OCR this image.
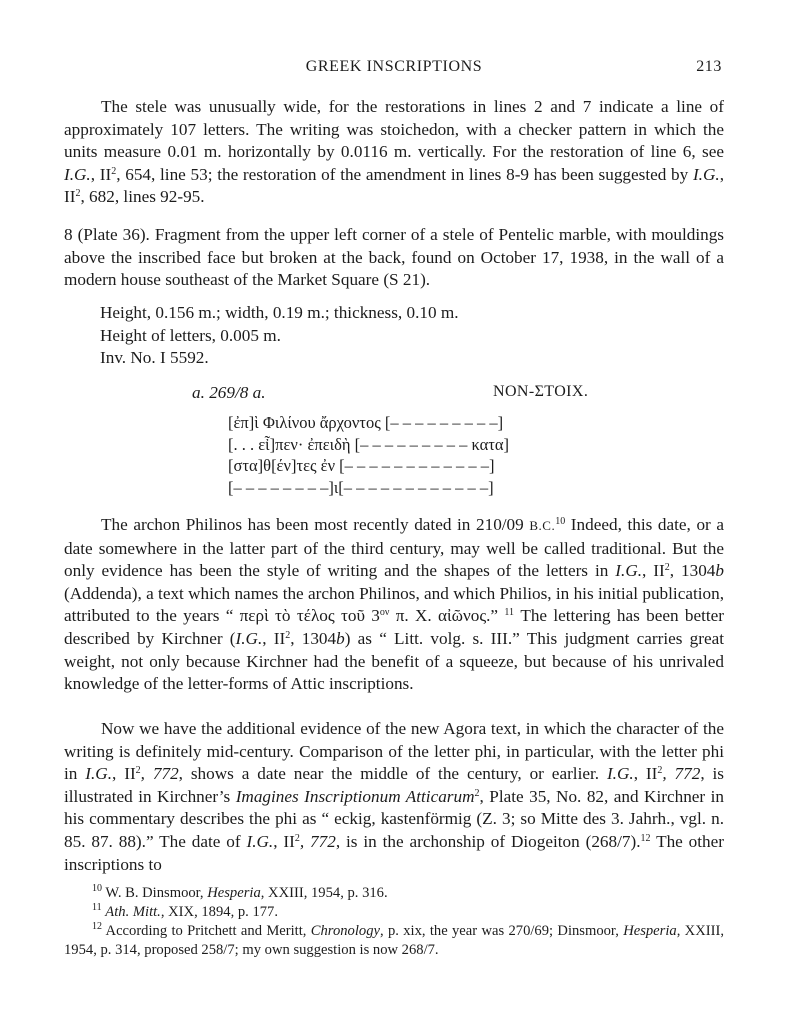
GREEK INSCRIPTIONS	213

The stele was unusually wide, for the restorations in lines 2 and 7 indicate a line of approximately 107 letters. The writing was stoichedon, with a checker pattern in which the units measure 0.01 m. horizontally by 0.0116 m. vertically. For the restoration of line 6, see I.G., $II^2$, 654, line 53; the restoration of the amendment in lines 8-9 has been suggested by I.G., $II^2$, 682, lines 92-95.

8 (Plate 36). Fragment from the upper left corner of a stele of Pentelic marble, with mouldings above the inscribed face but broken at the back, found on October 17, 1938, in the wall of a modern house southeast of the Market Square (S 21).

Height, 0.156 m.; width, 0.19 m.; thickness, 0.10 m.
Height of letters, 0.005 m.
Inv. No. I 5592.
a. 269/8 a.	NON-ΣΤΟΙΧ.
[ἐπ]ὶ Φιλίνου ἄρχοντος [– – – – – – – – –]
[. . . εἶ]πεν· ἐπειδὴ [– – – – – – – – – κατα]
[στα]θ[έν]τες ἐν [– – – – – – – – – – – –]
[– – – – – – – –]ι[– – – – – – – – – – – –]

The archon Philinos has been most recently dated in 210/09 B.C.$^{10}$ Indeed, this date, or a date somewhere in the latter part of the third century, may well be called traditional. But the only evidence has been the style of writing and the shapes of the letters in I.G., $II^2$, 1304b (Addenda), a text which names the archon Philinos, and which Philios, in his initial publication, attributed to the years “ περὶ τὸ τέλος τοῦ $3^{o\nu}$ π. Χ. αἰῶνος.” $^{11}$ The lettering has been better described by Kirchner (I.G., $II^2$, 1304b) as “ Litt. volg. s. III.” This judgment carries great weight, not only because Kirchner had the benefit of a squeeze, but because of his unrivaled knowledge of the letter-forms of Attic inscriptions.

Now we have the additional evidence of the new Agora text, in which the character of the writing is definitely mid-century. Comparison of the letter phi, in particular, with the letter phi in I.G., $II^2$, 772, shows a date near the middle of the century, or earlier. I.G., $II^2$, 772, is illustrated in Kirchner’s Imagines Inscriptionum Atticarum$^2$, Plate 35, No. 82, and Kirchner in his commentary describes the phi as “ eckig, kastenförmig (Z. 3; so Mitte des 3. Jahrh., vgl. n. 85. 87. 88).” The date of I.G., $II^2$, 772, is in the archonship of Diogeiton (268/7).$^{12}$ The other inscriptions to

$^{10}$ W. B. Dinsmoor, Hesperia, XXIII, 1954, p. 316.
$^{11}$ Ath. Mitt., XIX, 1894, p. 177.
$^{12}$ According to Pritchett and Meritt, Chronology, p. xix, the year was 270/69; Dinsmoor, Hesperia, XXIII, 1954, p. 314, proposed 258/7; my own suggestion is now 268/7.
